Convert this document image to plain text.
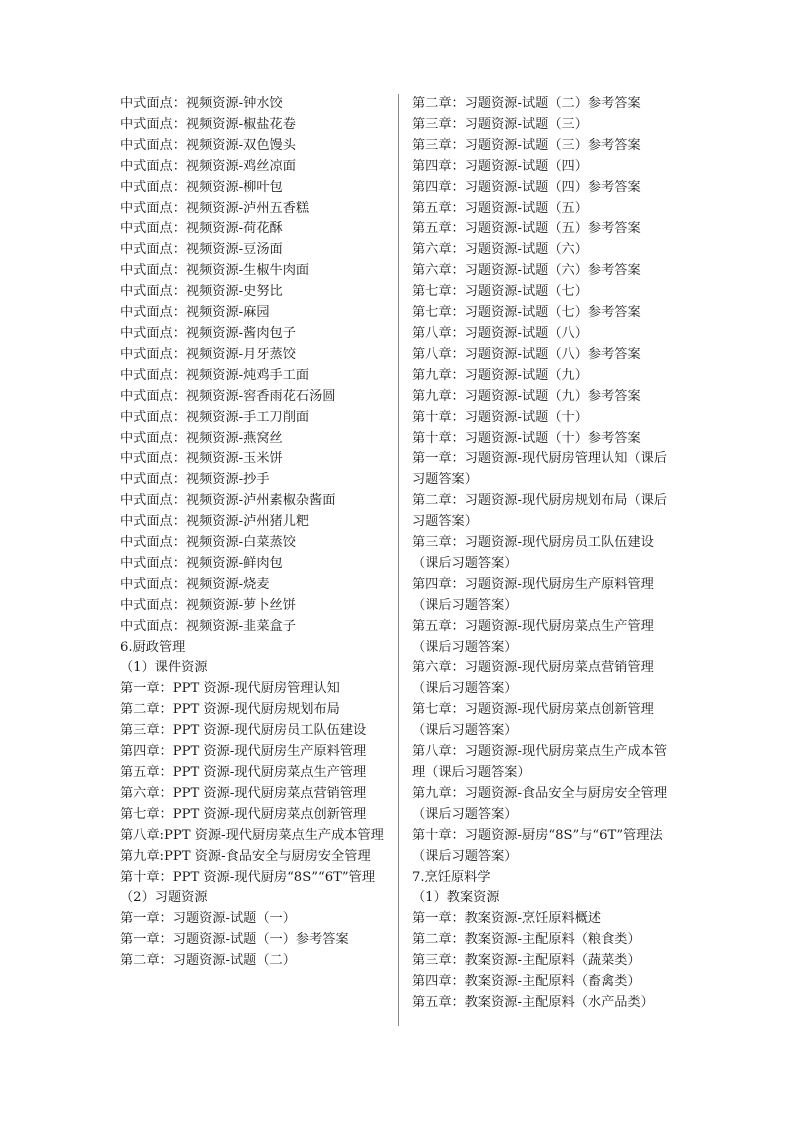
中式面点：视频资源-钟水饺
中式面点：视频资源-椒盐花卷
中式面点：视频资源-双色馒头
中式面点：视频资源-鸡丝凉面
中式面点：视频资源-柳叶包
中式面点：视频资源-泸州五香糕
中式面点：视频资源-荷花酥
中式面点：视频资源-豆汤面
中式面点：视频资源-生椒牛肉面
中式面点：视频资源-史努比
中式面点：视频资源-麻园
中式面点：视频资源-酱肉包子
中式面点：视频资源-月牙蒸饺
中式面点：视频资源-炖鸡手工面
中式面点：视频资源-窖香雨花石汤圆
中式面点：视频资源-手工刀削面
中式面点：视频资源-燕窝丝
中式面点：视频资源-玉米饼
中式面点：视频资源-抄手
中式面点：视频资源-泸州素椒杂酱面
中式面点：视频资源-泸州猪儿粑
中式面点：视频资源-白菜蒸饺
中式面点：视频资源-鲜肉包
中式面点：视频资源-烧麦
中式面点：视频资源-萝卜丝饼
中式面点：视频资源-韭菜盒子
6.厨政管理
（1）课件资源
第一章：PPT 资源-现代厨房管理认知
第二章：PPT 资源-现代厨房规划布局
第三章：PPT 资源-现代厨房员工队伍建设
第四章：PPT 资源-现代厨房生产原料管理
第五章：PPT 资源-现代厨房菜点生产管理
第六章：PPT 资源-现代厨房菜点营销管理
第七章：PPT 资源-现代厨房菜点创新管理
第八章:PPT 资源-现代厨房菜点生产成本管理
第九章:PPT 资源-食品安全与厨房安全管理
第十章：PPT 资源-现代厨房“8S”“6T”管理
（2）习题资源
第一章：习题资源-试题（一）
第一章：习题资源-试题（一）参考答案
第二章：习题资源-试题（二）
第二章：习题资源-试题（二）参考答案
第三章：习题资源-试题（三）
第三章：习题资源-试题（三）参考答案
第四章：习题资源-试题（四）
第四章：习题资源-试题（四）参考答案
第五章：习题资源-试题（五）
第五章：习题资源-试题（五）参考答案
第六章：习题资源-试题（六）
第六章：习题资源-试题（六）参考答案
第七章：习题资源-试题（七）
第七章：习题资源-试题（七）参考答案
第八章：习题资源-试题（八）
第八章：习题资源-试题（八）参考答案
第九章：习题资源-试题（九）
第九章：习题资源-试题（九）参考答案
第十章：习题资源-试题（十）
第十章：习题资源-试题（十）参考答案
第一章：习题资源-现代厨房管理认知（课后习题答案）
第二章：习题资源-现代厨房规划布局（课后习题答案）
第三章：习题资源-现代厨房员工队伍建设（课后习题答案）
第四章：习题资源-现代厨房生产原料管理（课后习题答案）
第五章：习题资源-现代厨房菜点生产管理（课后习题答案）
第六章：习题资源-现代厨房菜点营销管理（课后习题答案）
第七章：习题资源-现代厨房菜点创新管理（课后习题答案）
第八章：习题资源-现代厨房菜点生产成本管理（课后习题答案）
第九章：习题资源-食品安全与厨房安全管理（课后习题答案）
第十章：习题资源-厨房“8S”与“6T”管理法（课后习题答案）
7.烹饪原料学
（1）教案资源
第一章：教案资源-烹饪原料概述
第二章：教案资源-主配原料（粮食类）
第三章：教案资源-主配原料（蔬菜类）
第四章：教案资源-主配原料（畜禽类）
第五章：教案资源-主配原料（水产品类）
